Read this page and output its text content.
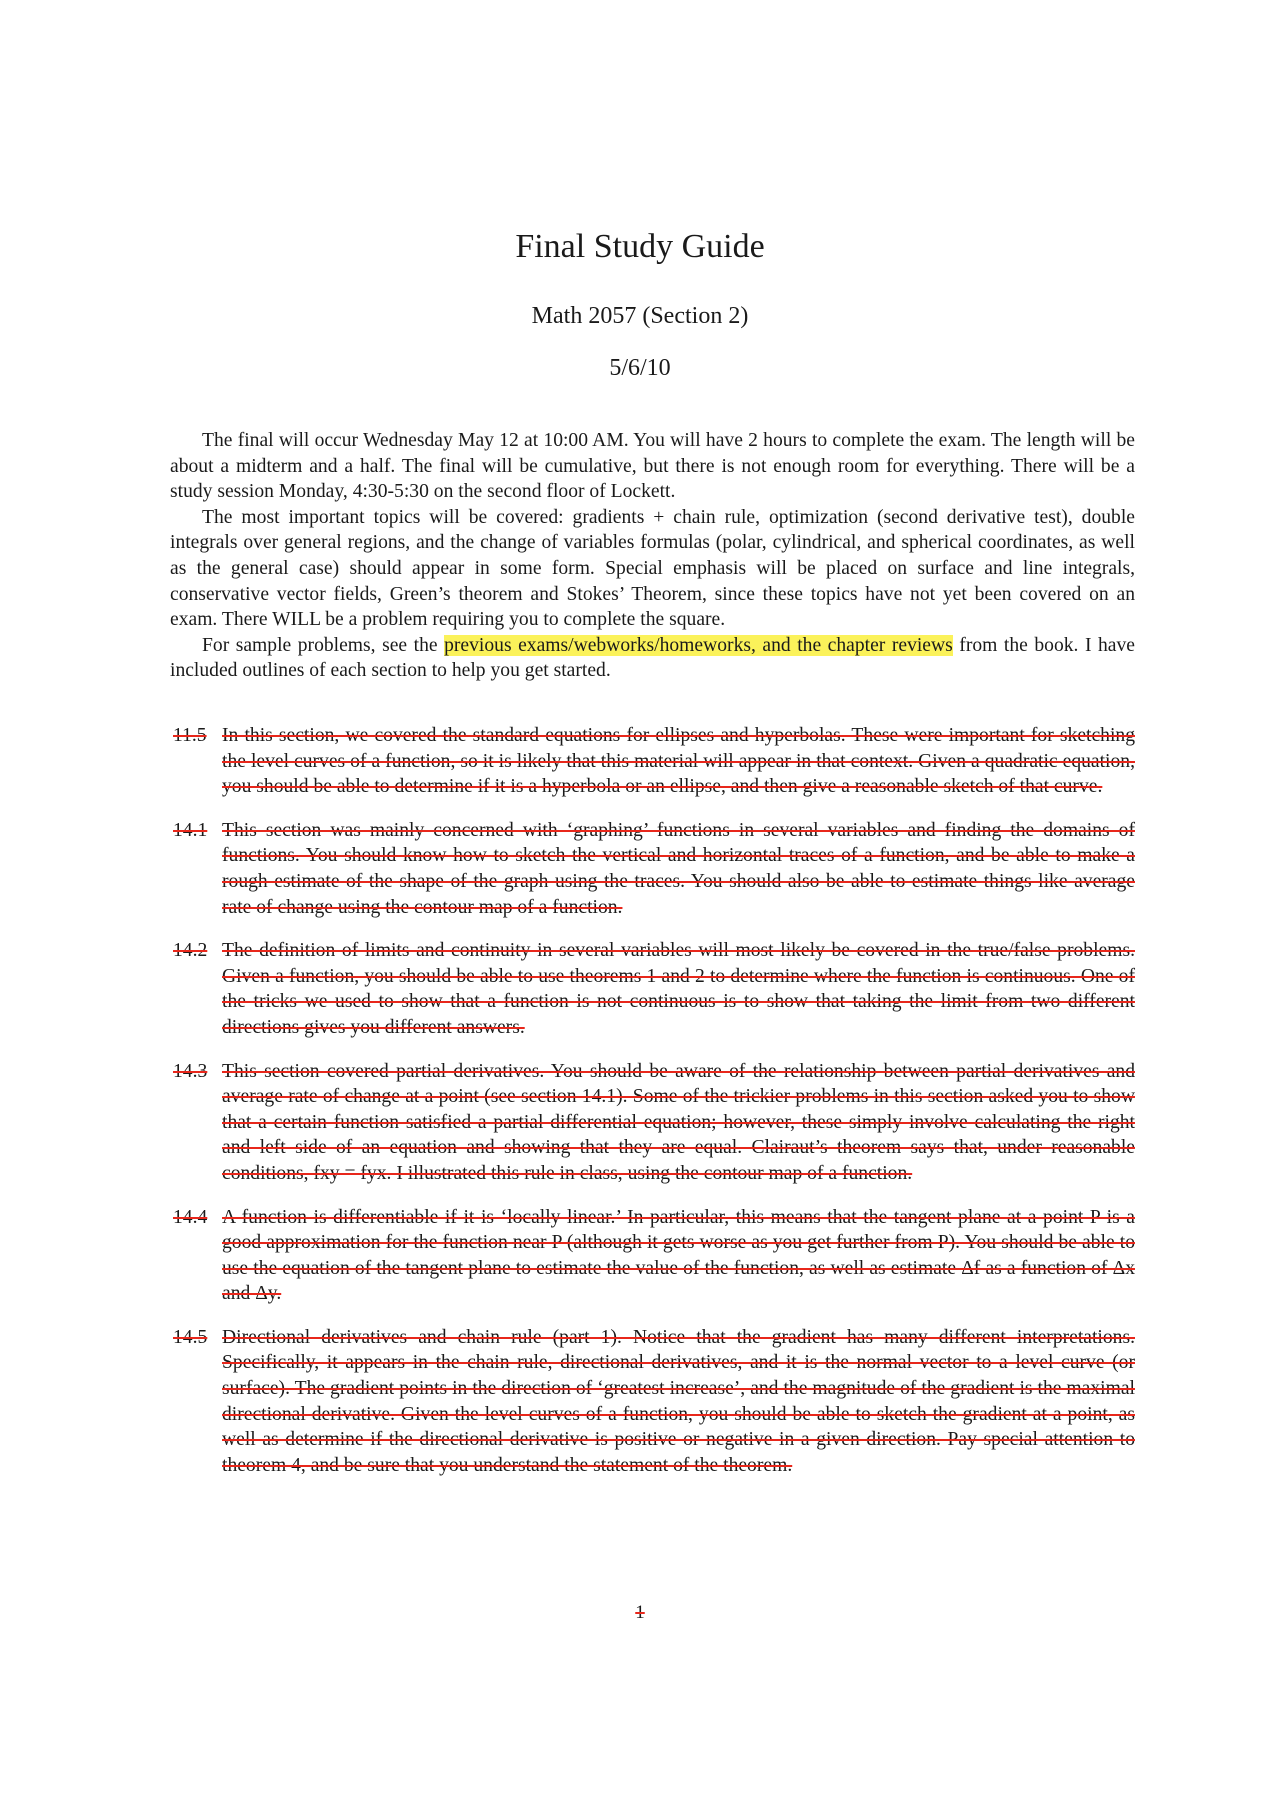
Final Study Guide
Math 2057 (Section 2)
5/6/10

The final will occur Wednesday May 12 at 10:00 AM. You will have 2 hours to complete the exam. The length will be about a midterm and a half. The final will be cumulative, but there is not enough room for everything. There will be a study session Monday, 4:30-5:30 on the second floor of Lockett.

The most important topics will be covered: gradients + chain rule, optimization (second derivative test), double integrals over general regions, and the change of variables formulas (polar, cylindrical, and spherical coordinates, as well as the general case) should appear in some form. Special emphasis will be placed on surface and line integrals, conservative vector fields, Green’s theorem and Stokes’ Theorem, since these topics have not yet been covered on an exam. There WILL be a problem requiring you to complete the square.

For sample problems, see the previous exams/webworks/homeworks, and the chapter reviews from the book. I have included outlines of each section to help you get started.

11.5 In this section, we covered the standard equations for ellipses and hyperbolas. These were important for sketching the level curves of a function, so it is likely that this material will appear in that context. Given a quadratic equation, you should be able to determine if it is a hyperbola or an ellipse, and then give a reasonable sketch of that curve.
14.1 This section was mainly concerned with ‘graphing’ functions in several variables and finding the domains of functions. You should know how to sketch the vertical and horizontal traces of a function, and be able to make a rough estimate of the shape of the graph using the traces. You should also be able to estimate things like average rate of change using the contour map of a function.
14.2 The definition of limits and continuity in several variables will most likely be covered in the true/false problems. Given a function, you should be able to use theorems 1 and 2 to determine where the function is continuous. One of the tricks we used to show that a function is not continuous is to show that taking the limit from two different directions gives you different answers.
14.3 This section covered partial derivatives. You should be aware of the relationship between partial derivatives and average rate of change at a point (see section 14.1). Some of the trickier problems in this section asked you to show that a certain function satisfied a partial differential equation; however, these simply involve calculating the right and left side of an equation and showing that they are equal. Clairaut’s theorem says that, under reasonable conditions, fxy = fyx. I illustrated this rule in class, using the contour map of a function.
14.4 A function is differentiable if it is ‘locally linear.’ In particular, this means that the tangent plane at a point P is a good approximation for the function near P (although it gets worse as you get further from P). You should be able to use the equation of the tangent plane to estimate the value of the function, as well as estimate Δf as a function of Δx and Δy.
14.5 Directional derivatives and chain rule (part 1). Notice that the gradient has many different interpretations. Specifically, it appears in the chain rule, directional derivatives, and it is the normal vector to a level curve (or surface). The gradient points in the direction of ‘greatest increase’, and the magnitude of the gradient is the maximal directional derivative. Given the level curves of a function, you should be able to sketch the gradient at a point, as well as determine if the directional derivative is positive or negative in a given direction. Pay special attention to theorem 4, and be sure that you understand the statement of the theorem.
1
